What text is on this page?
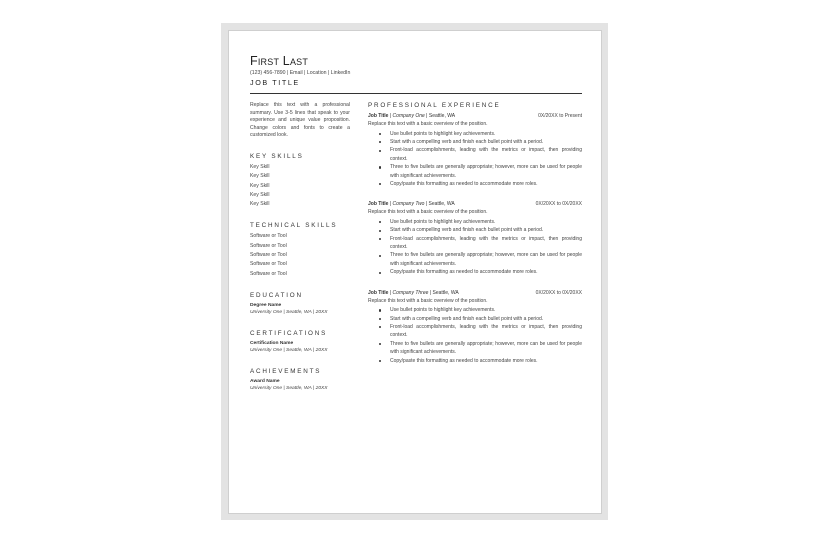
First Last
(123) 456-7890 | Email | Location | LinkedIn
JOB TITLE
Replace this text with a professional summary. Use 3-5 lines that speak to your experience and unique value proposition. Change colors and fonts to create a customized look.
KEY SKILLS
Key Skill
Key Skill
Key Skill
Key Skill
Key Skill
TECHNICAL SKILLS
Software or Tool
Software or Tool
Software or Tool
Software or Tool
Software or Tool
EDUCATION
Degree Name
University One | Seattle, WA | 20XX
CERTIFICATIONS
Certification Name
University One | Seattle, WA | 20XX
ACHIEVEMENTS
Award Name
University One | Seattle, WA | 20XX
PROFESSIONAL EXPERIENCE
Job Title | Company One | Seattle, WA	0X/20XX to Present
Replace this text with a basic overview of the position.
Use bullet points to highlight key achievements.
Start with a compelling verb and finish each bullet point with a period.
Front-load accomplishments, leading with the metrics or impact, then providing context.
Three to five bullets are generally appropriate; however, more can be used for people with significant achievements.
Copy/paste this formatting as needed to accommodate more roles.
Job Title | Company Two | Seattle, WA	0X/20XX to 0X/20XX
Replace this text with a basic overview of the position.
Use bullet points to highlight key achievements.
Start with a compelling verb and finish each bullet point with a period.
Front-load accomplishments, leading with the metrics or impact, then providing context.
Three to five bullets are generally appropriate; however, more can be used for people with significant achievements.
Copy/paste this formatting as needed to accommodate more roles.
Job Title | Company Three | Seattle, WA	0X/20XX to 0X/20XX
Replace this text with a basic overview of the position.
Use bullet points to highlight key achievements.
Start with a compelling verb and finish each bullet point with a period.
Front-load accomplishments, leading with the metrics or impact, then providing context.
Three to five bullets are generally appropriate; however, more can be used for people with significant achievements.
Copy/paste this formatting as needed to accommodate more roles.
